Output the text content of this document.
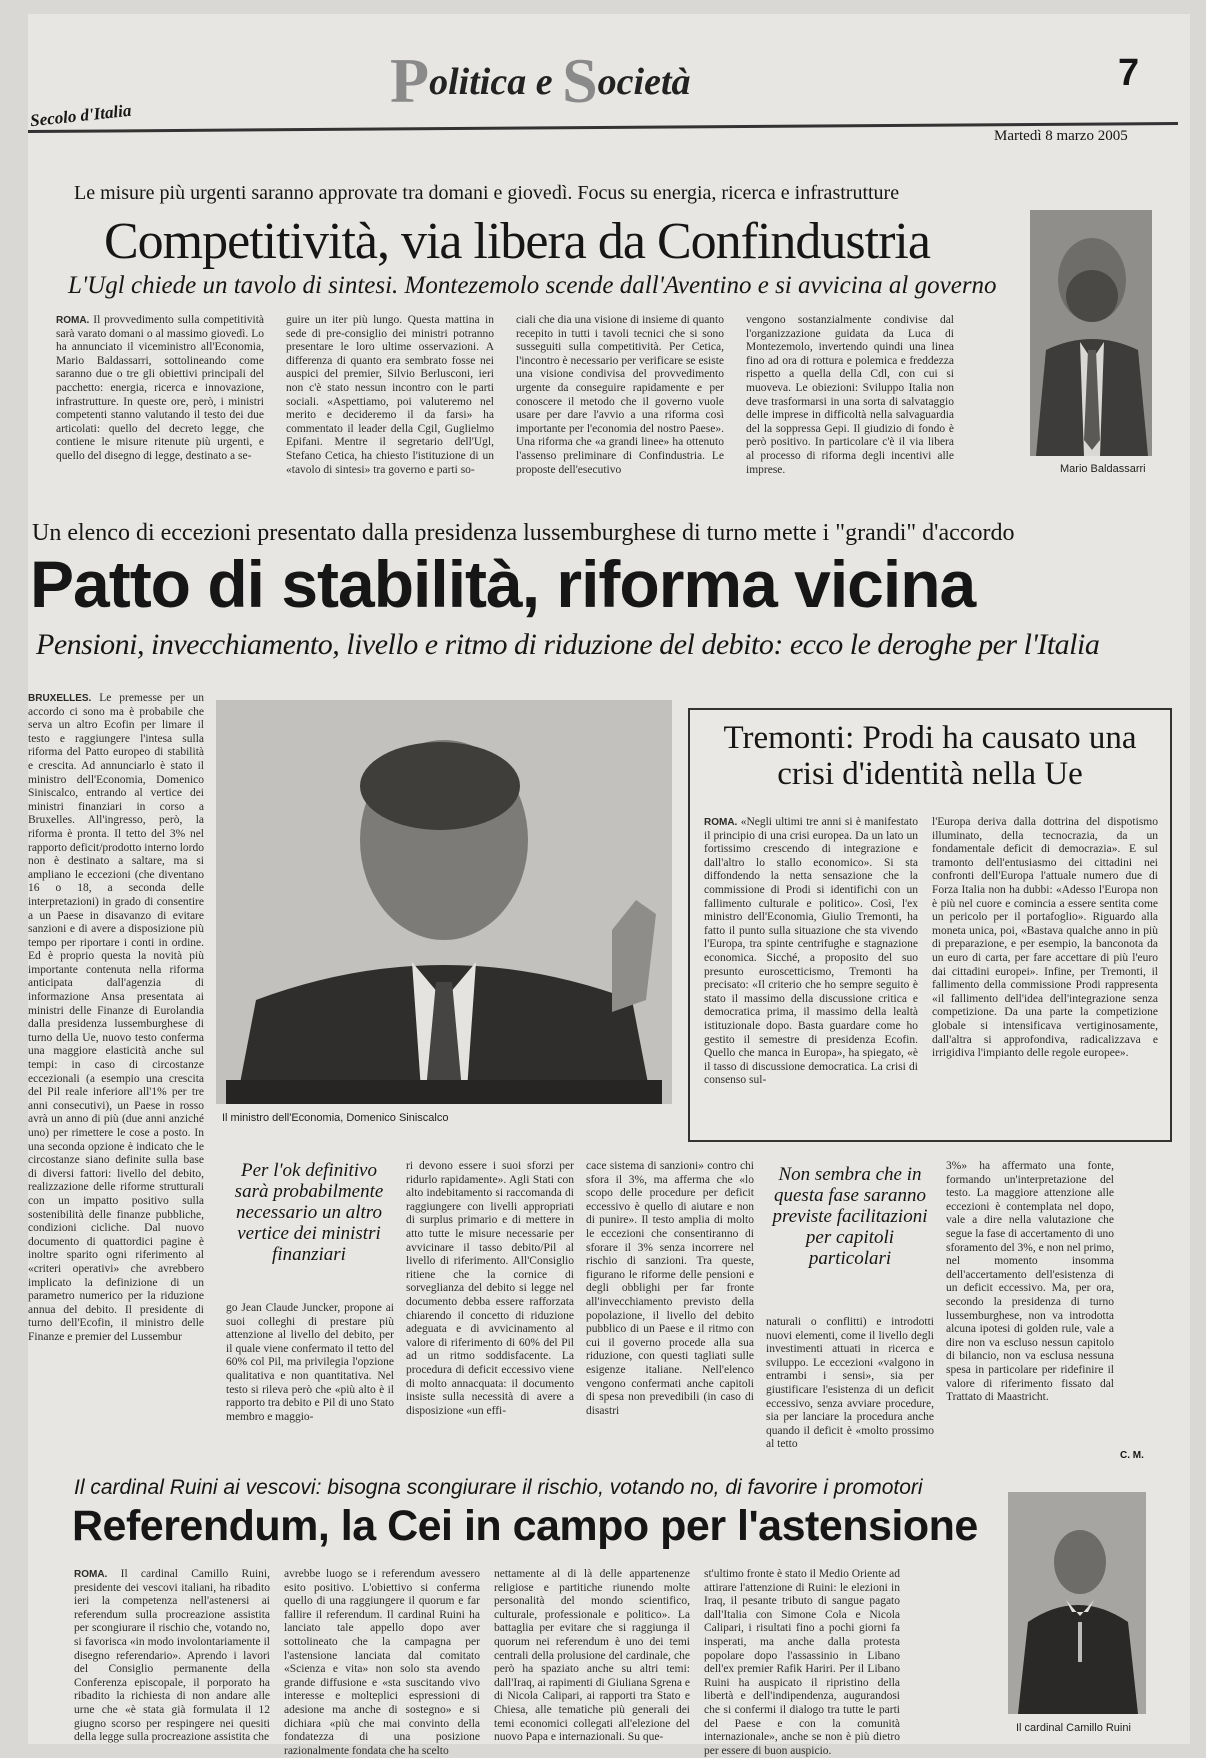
Secolo d'Italia	Politica e Società	7
Martedì 8 marzo 2005
Le misure più urgenti saranno approvate tra domani e giovedì. Focus su energia, ricerca e infrastrutture
Competitività, via libera da Confindustria
L'Ugl chiede un tavolo di sintesi. Montezemolo scende dall'Aventino e si avvicina al governo
ROMA. Il provvedimento sulla competitività sarà varato domani o al massimo giovedì. Lo ha annunciato il viceministro all'Economia, Mario Baldassarri, sottolineando come saranno due o tre gli obiettivi principali del pacchetto: energia, ricerca e innovazione, infrastrutture. In queste ore, però, i ministri competenti stanno valutando il testo dei due articolati: quello del decreto legge, che contiene le misure ritenute più urgenti, e quello del disegno di legge, destinato a se-
guire un iter più lungo. Questa mattina in sede di pre-consiglio dei ministri potranno presentare le loro ultime osservazioni. A differenza di quanto era sembrato fosse nei auspici del premier, Silvio Berlusconi, ieri non c'è stato nessun incontro con le parti sociali. «Aspettiamo, poi valuteremo nel merito e decideremo il da farsi» ha commentato il leader della Cgil, Guglielmo Epifani. Mentre il segretario dell'Ugl, Stefano Cetica, ha chiesto l'istituzione di un «tavolo di sintesi» tra governo e parti so-
ciali che dia una visione di insieme di quanto recepito in tutti i tavoli tecnici che si sono susseguiti sulla competitività. Per Cetica, l'incontro è necessario per verificare se esiste una visione condivisa del provvedimento urgente da conseguire rapidamente e per conoscere il metodo che il governo vuole usare per dare l'avvio a una riforma così importante per l'economia del nostro Paese». Una riforma che «a grandi linee» ha ottenuto l'assenso preliminare di Confindustria. Le proposte dell'esecutivo
vengono sostanzialmente condivise dal l'organizzazione guidata da Luca di Montezemolo, invertendo quindi una linea fino ad ora di rottura e polemica e freddezza rispetto a quella della Cdl, con cui si muoveva. Le obiezioni: Sviluppo Italia non deve trasformarsi in una sorta di salvataggio delle imprese in difficoltà nella salvaguardia del la soppressa Gepi. Il giudizio di fondo è però positivo. In particolare c'è il via libera al processo di riforma degli incentivi alle imprese.	Mario Baldassarri
Un elenco di eccezioni presentato dalla presidenza lussemburghese di turno mette i "grandi" d'accordo
Patto di stabilità, riforma vicina
Pensioni, invecchiamento, livello e ritmo di riduzione del debito: ecco le deroghe per l'Italia
BRUXELLES. Le premesse per un accordo ci sono ma è probabile che serva un altro Ecofin per limare il testo e raggiungere l'intesa sulla riforma del Patto europeo di stabilità e crescita. Ad annunciarlo è stato il ministro dell'Economia, Domenico Siniscalco, entrando al vertice dei ministri finanziari in corso a Bruxelles. All'ingresso, però, la riforma è pronta. Il tetto del 3% nel rapporto deficit/prodotto interno lordo non è destinato a saltare, ma si ampliano le eccezioni (che diventano 16 o 18, a seconda delle interpretazioni) in grado di consentire a un Paese in disavanzo di evitare sanzioni e di avere a disposizione più tempo per riportare i conti in ordine. Ed è proprio questa la novità più importante contenuta nella riforma anticipata dall'agenzia di informazione Ansa presentata ai ministri delle Finanze di Eurolandia dalla presidenza lussemburghese di turno della Ue, nuovo testo conferma una maggiore elasticità anche sul tempi: in caso di circostanze eccezionali (a esempio una crescita del Pil reale inferiore all'1% per tre anni consecutivi), un Paese in rosso avrà un anno di più (due anni anziché uno) per rimettere le cose a posto. In una seconda opzione è indicato che le circostanze siano definite sulla base di diversi fattori: livello del debito, realizzazione delle riforme strutturali con un impatto positivo sulla sostenibilità delle finanze pubbliche, condizioni cicliche. Dal nuovo documento di quattordici pagine è inoltre sparito ogni riferimento al «criteri operativi» che avrebbero implicato la definizione di un parametro numerico per la riduzione annua del debito. Il presidente di turno dell'Ecofin, il ministro delle Finanze e premier del Lussembur
Il ministro dell'Economia, Domenico Siniscalco
Tremonti: Prodi ha causato una crisi d'identità nella Ue
ROMA. «Negli ultimi tre anni si è manifestato il principio di una crisi europea. Da un lato un fortissimo crescendo di integrazione e dall'altro lo stallo economico». Si sta diffondendo la netta sensazione che la commissione di Prodi si identifichi con un fallimento culturale e politico». Così, l'ex ministro dell'Economia, Giulio Tremonti, ha fatto il punto sulla situazione che sta vivendo l'Europa, tra spinte centrifughe e stagnazione economica. Sicché, a proposito del suo presunto euroscetticismo, Tremonti ha precisato: «Il criterio che ho sempre seguito è stato il massimo della discussione critica e democratica prima, il massimo della lealtà istituzionale dopo. Basta guardare come ho gestito il semestre di presidenza Ecofin. Quello che manca in Europa», ha spiegato, «è il tasso di discussione democratica. La crisi di consenso sul-
l'Europa deriva dalla dottrina del dispotismo illuminato, della tecnocrazia, da un fondamentale deficit di democrazia». E sul tramonto dell'entusiasmo dei cittadini nei confronti dell'Europa l'attuale numero due di Forza Italia non ha dubbi: «Adesso l'Europa non è più nel cuore e comincia a essere sentita come un pericolo per il portafoglio». Riguardo alla moneta unica, poi, «Bastava qualche anno in più di preparazione, e per esempio, la banconota da un euro di carta, per fare accettare di più l'euro dai cittadini europei». Infine, per Tremonti, il fallimento della commissione Prodi rappresenta «il fallimento dell'idea dell'integrazione senza competizione. Da una parte la competizione globale si intensificava vertiginosamente, dall'altra si approfondiva, radicalizzava e irrigidiva l'impianto delle regole europee».
Per l'ok definitivo sarà probabilmente necessario un altro vertice dei ministri finanziari
go Jean Claude Juncker, propone ai suoi colleghi di prestare più attenzione al livello del debito, per il quale viene confermato il tetto del 60% col Pil, ma privilegia l'opzione qualitativa e non quantitativa. Nel testo si rileva però che «più alto è il rapporto tra debito e Pil di uno Stato membro e maggio-
ri devono essere i suoi sforzi per ridurlo rapidamente». Agli Stati con alto indebitamento si raccomanda di raggiungere con livelli appropriati di surplus primario e di mettere in atto tutte le misure necessarie per avvicinare il tasso debito/Pil al livello di riferimento. All'Consiglio ritiene che la cornice di sorveglianza del debito si legge nel documento debba essere rafforzata chiarendo il concetto di riduzione adeguata e di avvicinamento al valore di riferimento di 60% del Pil ad un ritmo soddisfacente. La procedura di deficit eccessivo viene di molto annacquata: il documento insiste sulla necessità di avere a disposizione «un effi-
cace sistema di sanzioni» contro chi sfora il 3%, ma afferma che «lo scopo delle procedure per deficit eccessivo è quello di aiutare e non di punire». Il testo amplia di molto le eccezioni che consentiranno di sforare il 3% senza incorrere nel rischio di sanzioni. Tra queste, figurano le riforme delle pensioni e degli obblighi per far fronte all'invecchiamento previsto della popolazione, il livello del debito pubblico di un Paese e il ritmo con cui il governo procede alla sua riduzione, con questi tagliati sulle esigenze italiane. Nell'elenco vengono confermati anche capitoli di spesa non prevedibili (in caso di disastri
Non sembra che in questa fase saranno previste facilitazioni per capitoli particolari
naturali o conflitti) e introdotti nuovi elementi, come il livello degli investimenti attuati in ricerca e sviluppo. Le eccezioni «valgono in entrambi i sensi», sia per giustificare l'esistenza di un deficit eccessivo, senza avviare procedure, sia per lanciare la procedura anche quando il deficit è «molto prossimo al tetto
3%» ha affermato una fonte, formando un'interpretazione del testo. La maggiore attenzione alle eccezioni è contemplata nel dopo, vale a dire nella valutazione che segue la fase di accertamento di uno sforamento del 3%, e non nel primo, nel momento insomma dell'accertamento dell'esistenza di un deficit eccessivo. Ma, per ora, secondo la presidenza di turno lussemburghese, non va introdotta alcuna ipotesi di golden rule, vale a dire non va escluso nessun capitolo di bilancio, non va esclusa nessuna spesa in particolare per ridefinire il valore di riferimento fissato dal Trattato di Maastricht.
C. M.
Il cardinal Ruini ai vescovi: bisogna scongiurare il rischio, votando no, di favorire i promotori
Referendum, la Cei in campo per l'astensione
ROMA. Il cardinal Camillo Ruini, presidente dei vescovi italiani, ha ribadito ieri la competenza nell'astenersi ai referendum sulla procreazione assistita per scongiurare il rischio che, votando no, si favorisca «in modo involontariamente il disegno referendario». Aprendo i lavori del Consiglio permanente della Conferenza episcopale, il porporato ha ribadito la richiesta di non andare alle urne che «è stata già formulata il 12 giugno scorso per respingere nei quesiti della legge sulla procreazione assistita che
avrebbe luogo se i referendum avessero esito positivo. L'obiettivo si conferma quello di una raggiungere il quorum e far fallire il referendum. Il cardinal Ruini ha lanciato tale appello dopo aver sottolineato che la campagna per l'astensione lanciata dal comitato «Scienza e vita» non solo sta avendo grande diffusione e «sta suscitando vivo interesse e molteplici espressioni di adesione ma anche di sostegno» e si dichiara «più che mai convinto della fondatezza di una posizione razionalmente fondata che ha scelto
nettamente al di là delle appartenenze religiose e partitiche riunendo molte personalità del mondo scientifico, culturale, professionale e politico». La battaglia per evitare che si raggiunga il quorum nei referendum è uno dei temi centrali della prolusione del cardinale, che però ha spaziato anche su altri temi: dall'Iraq, ai rapimenti di Giuliana Sgrena e di Nicola Calipari, ai rapporti tra Stato e Chiesa, alle tematiche più generali dei temi economici collegati all'elezione del nuovo Papa e internazionali. Su que-
st'ultimo fronte è stato il Medio Oriente ad attirare l'attenzione di Ruini: le elezioni in Iraq, il pesante tributo di sangue pagato dall'Italia con Simone Cola e Nicola Calipari, i risultati fino a pochi giorni fa insperati, ma anche dalla protesta popolare dopo l'assassinio in Libano dell'ex premier Rafik Hariri. Per il Libano Ruini ha auspicato il ripristino della libertà e dell'indipendenza, augurandosi che si confermi il dialogo tra tutte le parti del Paese e con la comunità internazionale», anche se non è più dietro per essere di buon auspicio.
Il cardinal Camillo Ruini
